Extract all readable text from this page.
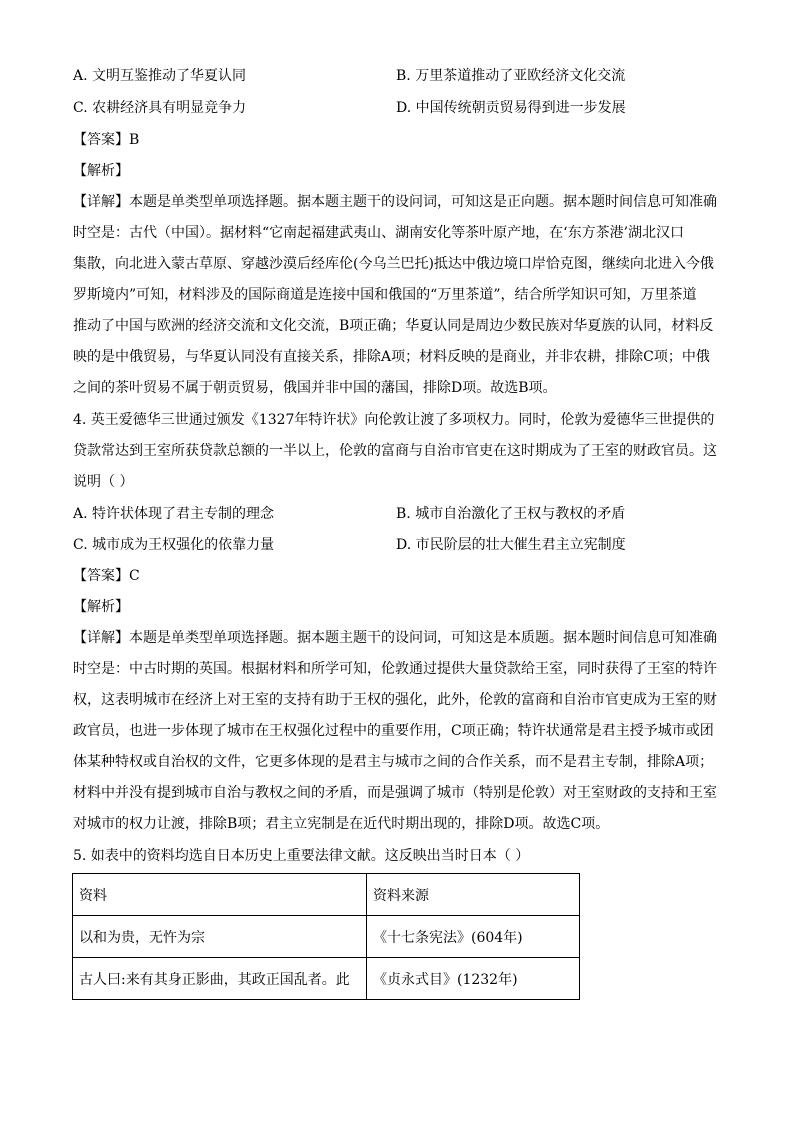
A. 文明互鉴推动了华夏认同	B. 万里茶道推动了亚欧经济文化交流
C. 农耕经济具有明显竞争力	D. 中国传统朝贡贸易得到进一步发展
【答案】B
【解析】
【详解】本题是单类型单项选择题。据本题主题干的设问词，可知这是正向题。据本题时间信息可知准确
时空是：古代（中国）。据材料“它南起福建武夷山、湖南安化等茶叶原产地，在‘东方茶港’湖北汉口
集散，向北进入蒙古草原、穿越沙漠后经库伦(今乌兰巴托)抵达中俄边境口岸恰克图，继续向北进入今俄
罗斯境内”可知，材料涉及的国际商道是连接中国和俄国的“万里茶道”，结合所学知识可知，万里茶道
推动了中国与欧洲的经济交流和文化交流，B项正确；华夏认同是周边少数民族对华夏族的认同，材料反
映的是中俄贸易，与华夏认同没有直接关系，排除A项；材料反映的是商业，并非农耕，排除C项；中俄
之间的茶叶贸易不属于朝贡贸易，俄国并非中国的藩国，排除D项。故选B项。
4. 英王爱德华三世通过颁发《1327年特许状》向伦敦让渡了多项权力。同时，伦敦为爱德华三世提供的
贷款常达到王室所获贷款总额的一半以上，伦敦的富商与自治市官吏在这时期成为了王室的财政官员。这
说明（ ）
A. 特许状体现了君主专制的理念	B. 城市自治激化了王权与教权的矛盾
C. 城市成为王权强化的依靠力量	D. 市民阶层的壮大催生君主立宪制度
【答案】C
【解析】
【详解】本题是单类型单项选择题。据本题主题干的设问词，可知这是本质题。据本题时间信息可知准确
时空是：中古时期的英国。根据材料和所学可知，伦敦通过提供大量贷款给王室，同时获得了王室的特许
权，这表明城市在经济上对王室的支持有助于王权的强化，此外，伦敦的富商和自治市官吏成为王室的财
政官员，也进一步体现了城市在王权强化过程中的重要作用，C项正确；特许状通常是君主授予城市或团
体某种特权或自治权的文件，它更多体现的是君主与城市之间的合作关系，而不是君主专制，排除A项；
材料中并没有提到城市自治与教权之间的矛盾，而是强调了城市（特别是伦敦）对王室财政的支持和王室
对城市的权力让渡，排除B项；君主立宪制是在近代时期出现的，排除D项。故选C项。
5. 如表中的资料均选自日本历史上重要法律文献。这反映出当时日本（ ）
资料	资料来源
以和为贵，无忤为宗	《十七条宪法》(604年)
古人曰:来有其身正影曲，其政正国乱者。此	《贞永式目》(1232年)
